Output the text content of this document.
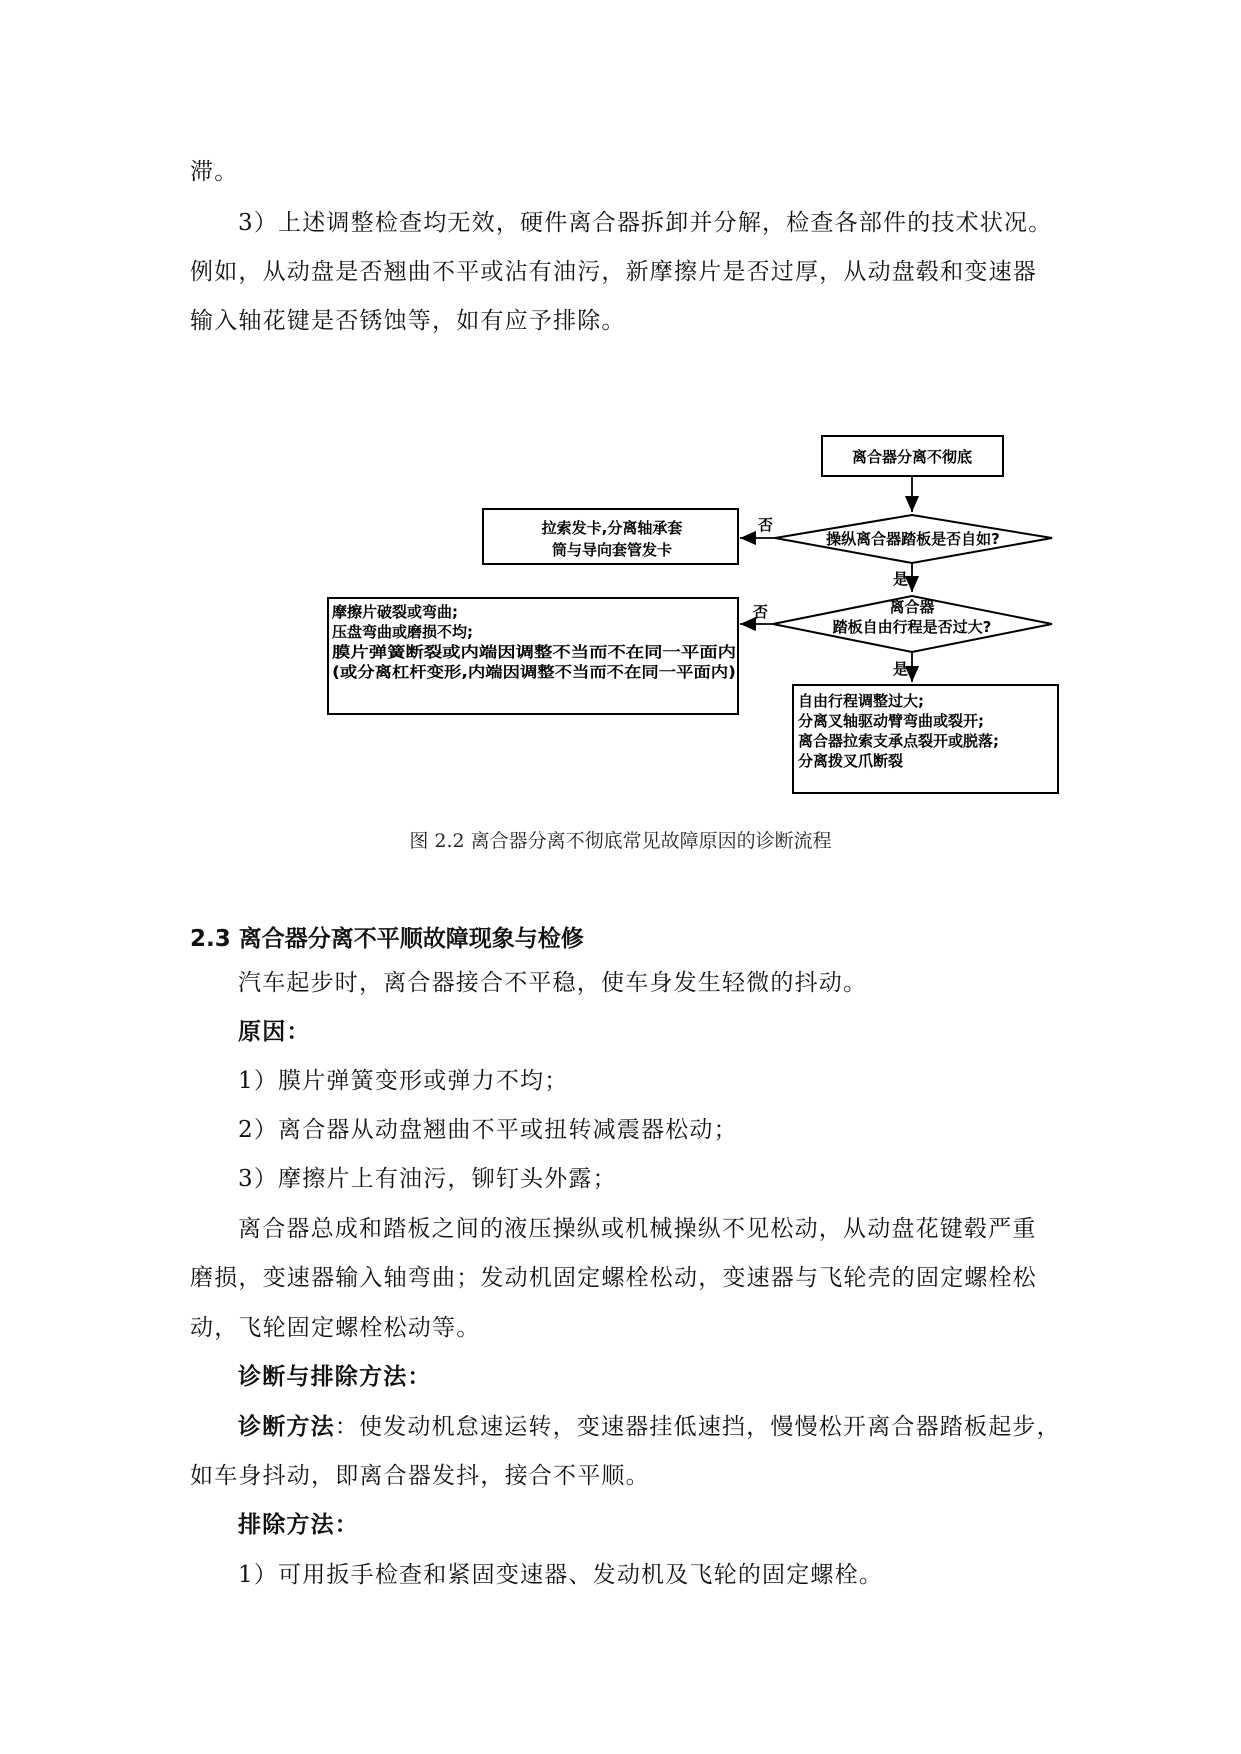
滞。
3）上述调整检查均无效，硬件离合器拆卸并分解，检查各部件的技术状况。
例如，从动盘是否翘曲不平或沾有油污，新摩擦片是否过厚，从动盘毂和变速器
输入轴花键是否锈蚀等，如有应予排除。
离合器分离不彻底
操纵离合器踏板是否自如?
否
拉索发卡,分离轴承套
筒与导向套管发卡
是
离合器
踏板自由行程是否过大?
否
摩擦片破裂或弯曲;
压盘弯曲或磨损不均;
膜片弹簧断裂或内端因调整不当而不在同一平面内
(或分离杠杆变形,内端因调整不当而不在同一平面内)	是
自由行程调整过大;
分离叉轴驱动臂弯曲或裂开;
离合器拉索支承点裂开或脱落;
分离拨叉爪断裂
图 2.2 离合器分离不彻底常见故障原因的诊断流程
2.3 离合器分离不平顺故障现象与检修
汽车起步时，离合器接合不平稳，使车身发生轻微的抖动。
原因：
1）膜片弹簧变形或弹力不均；
2）离合器从动盘翘曲不平或扭转减震器松动；
3）摩擦片上有油污，铆钉头外露；
离合器总成和踏板之间的液压操纵或机械操纵不见松动，从动盘花键毂严重
磨损，变速器输入轴弯曲；发动机固定螺栓松动，变速器与飞轮壳的固定螺栓松
动，飞轮固定螺栓松动等。
诊断与排除方法：
诊断方法：使发动机怠速运转，变速器挂低速挡，慢慢松开离合器踏板起步，
如车身抖动，即离合器发抖，接合不平顺。
排除方法：
1）可用扳手检查和紧固变速器、发动机及飞轮的固定螺栓。
